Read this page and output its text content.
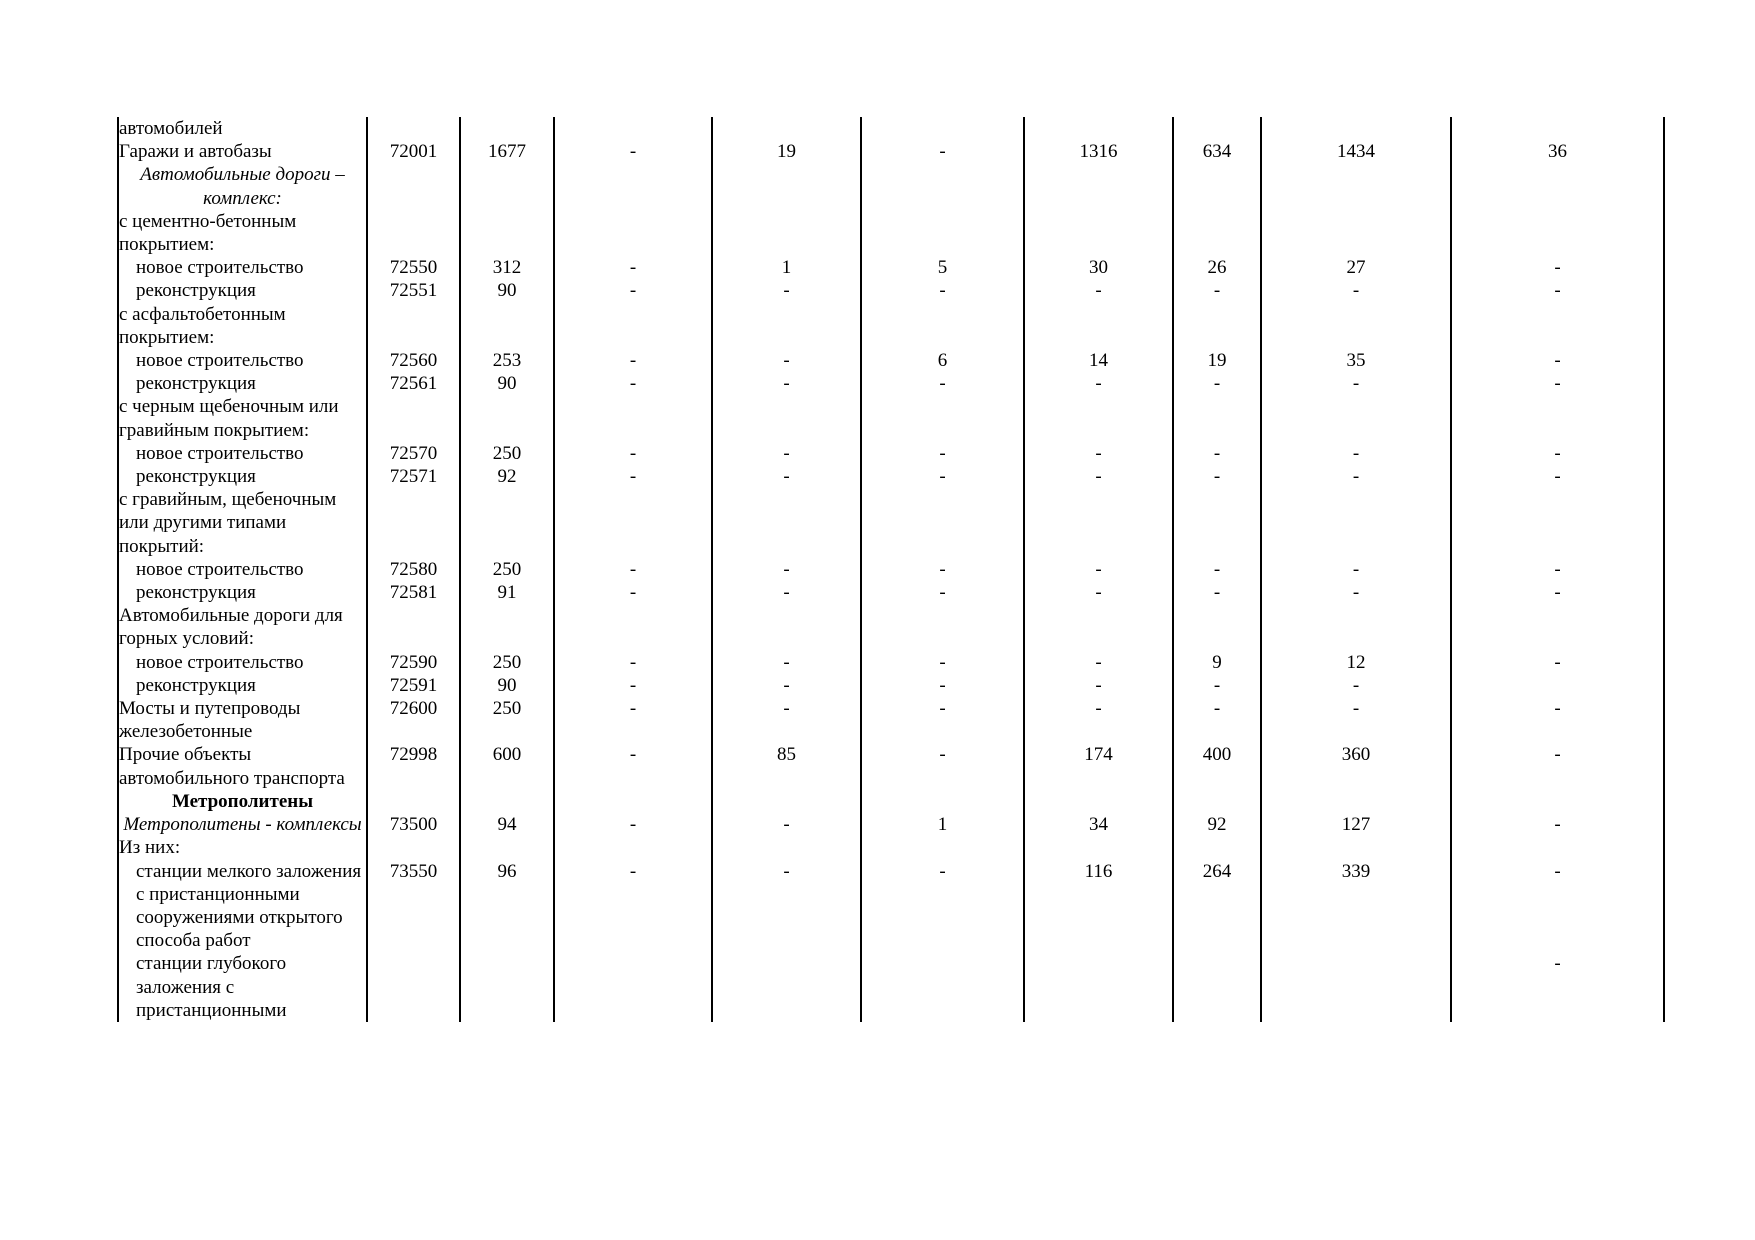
автомобилей										

Гаражи и автобазы	72001	1677	-	19	-	1316	634	1434	36	

Автомобильные дороги – комплекс:										

с цементно-бетонным покрытием:										

новое строительство	72550	312	-	1	5	30	26	27	-	

реконструкция	72551	90	-	-	-	-	-	-	-	

с асфальтобетонным покрытием:										

новое строительство	72560	253	-	-	6	14	19	35	-	

реконструкция	72561	90	-	-	-	-	-	-	-	

с черным щебеночным или гравийным покрытием:										

новое строительство	72570	250	-	-	-	-	-	-	-	

реконструкция	72571	92	-	-	-	-	-	-	-	

с гравийным, щебеночным или другими типами покрытий:										

новое строительство	72580	250	-	-	-	-	-	-	-	

реконструкция	72581	91	-	-	-	-	-	-	-	

Автомобильные дороги для горных условий:										

новое строительство	72590	250	-	-	-	-	9	12	-	

реконструкция	72591	90	-	-	-	-	-	-		

Мосты и путепроводы железобетонные	72600	250	-	-	-	-	-	-	-	

Прочие объекты автомобильного транспорта	72998	600	-	85	-	174	400	360	-	

Метрополитены										

Метрополитены - комплексы	73500	94	-	-	1	34	92	127	-	

Из них:										

станции мелкого заложения с пристанционными сооружениями открытого способа работ	73550	96	-	-	-	116	264	339	-	

станции глубокого заложения с пристанционными									-	
